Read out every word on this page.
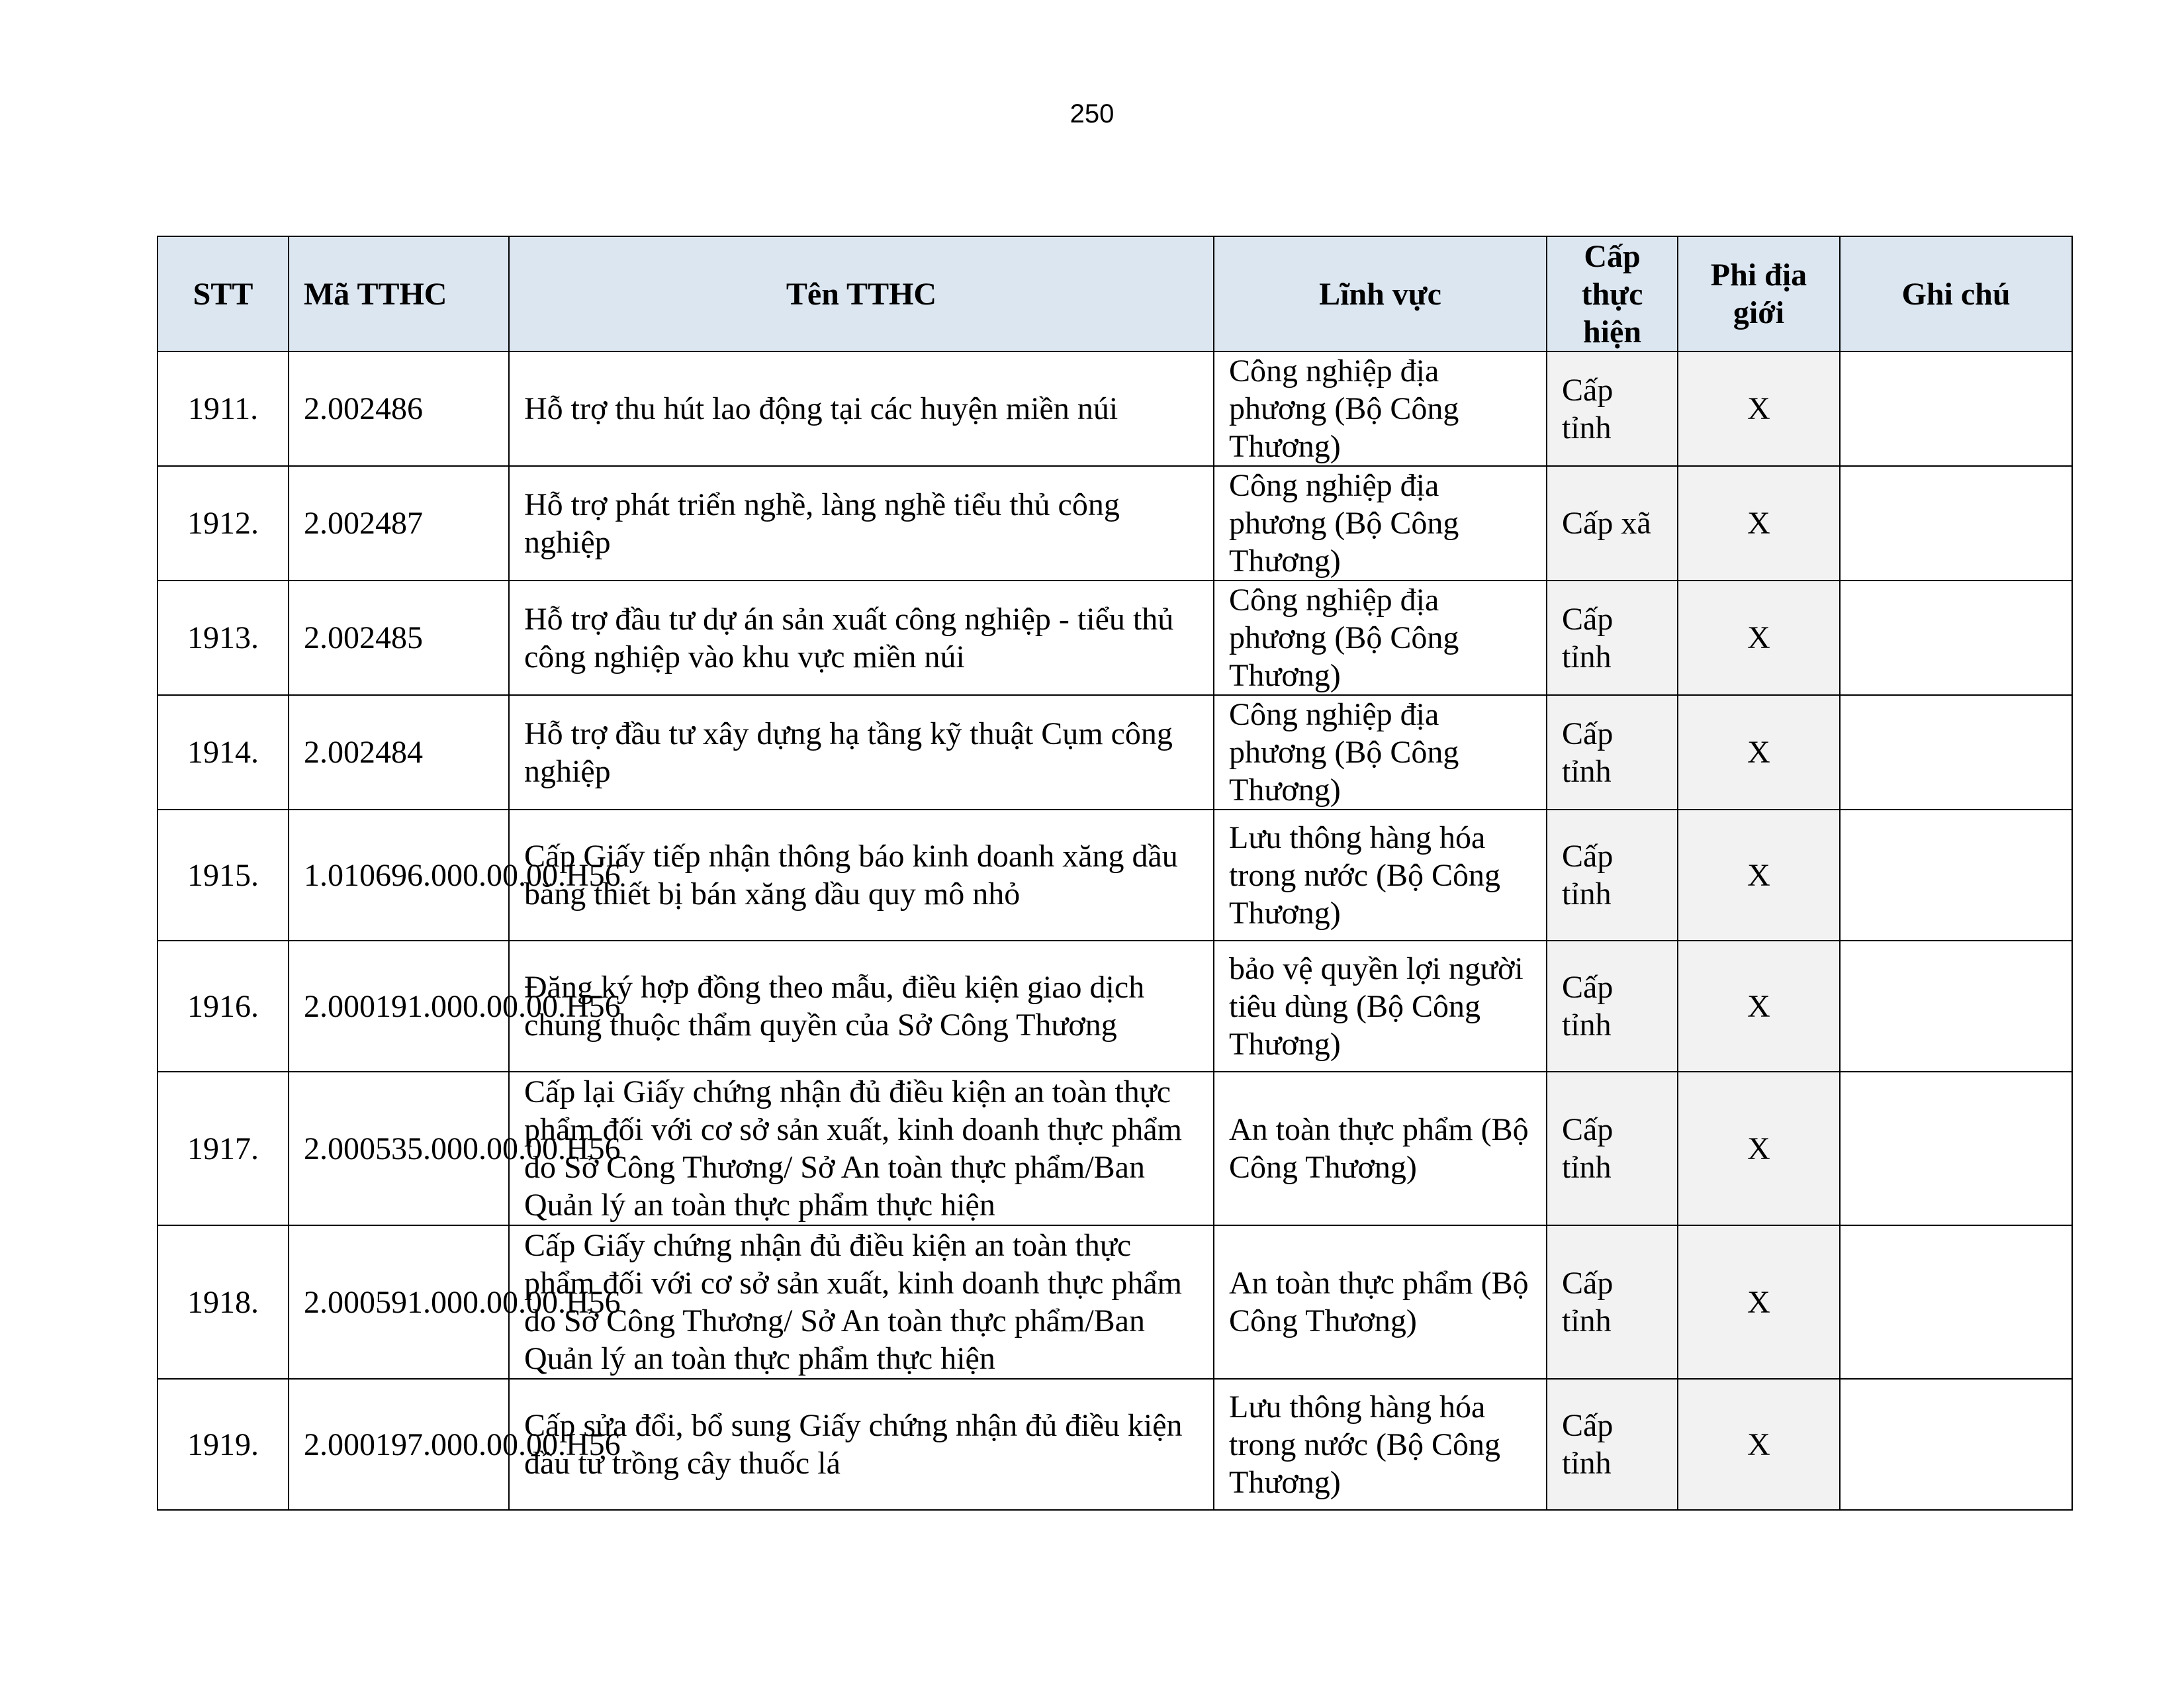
250
STT	Mã TTHC	Tên TTHC	Lĩnh vực	Cấp thực hiện	Phi địa giới	Ghi chú
1911.	2.002486	Hỗ trợ thu hút lao động tại các huyện miền núi	Công nghiệp địa phương (Bộ Công Thương)	Cấp tỉnh	X	
1912.	2.002487	Hỗ trợ phát triển nghề, làng nghề tiểu thủ công nghiệp	Công nghiệp địa phương (Bộ Công Thương)	Cấp xã	X	
1913.	2.002485	Hỗ trợ đầu tư dự án sản xuất công nghiệp - tiểu thủ công nghiệp vào khu vực miền núi	Công nghiệp địa phương (Bộ Công Thương)	Cấp tỉnh	X	
1914.	2.002484	Hỗ trợ đầu tư xây dựng hạ tầng kỹ thuật Cụm công nghiệp	Công nghiệp địa phương (Bộ Công Thương)	Cấp tỉnh	X	
1915.	1.010696.000.00.00.H56	Cấp Giấy tiếp nhận thông báo kinh doanh xăng dầu bằng thiết bị bán xăng dầu quy mô nhỏ	Lưu thông hàng hóa trong nước (Bộ Công Thương)	Cấp tỉnh	X	
1916.	2.000191.000.00.00.H56	Đăng ký hợp đồng theo mẫu, điều kiện giao dịch chung thuộc thẩm quyền của Sở Công Thương	bảo vệ quyền lợi người tiêu dùng (Bộ Công Thương)	Cấp tỉnh	X	
1917.	2.000535.000.00.00.H56	Cấp lại Giấy chứng nhận đủ điều kiện an toàn thực phẩm đối với cơ sở sản xuất, kinh doanh thực phẩm do Sở Công Thương/ Sở An toàn thực phẩm/Ban Quản lý an toàn thực phẩm thực hiện	An toàn thực phẩm (Bộ Công Thương)	Cấp tỉnh	X	
1918.	2.000591.000.00.00.H56	Cấp Giấy chứng nhận đủ điều kiện an toàn thực phẩm đối với cơ sở sản xuất, kinh doanh thực phẩm do Sở Công Thương/ Sở An toàn thực phẩm/Ban Quản lý an toàn thực phẩm thực hiện	An toàn thực phẩm (Bộ Công Thương)	Cấp tỉnh	X	
1919.	2.000197.000.00.00.H56	Cấp sửa đổi, bổ sung Giấy chứng nhận đủ điều kiện đầu tư trồng cây thuốc lá	Lưu thông hàng hóa trong nước (Bộ Công Thương)	Cấp tỉnh	X	
